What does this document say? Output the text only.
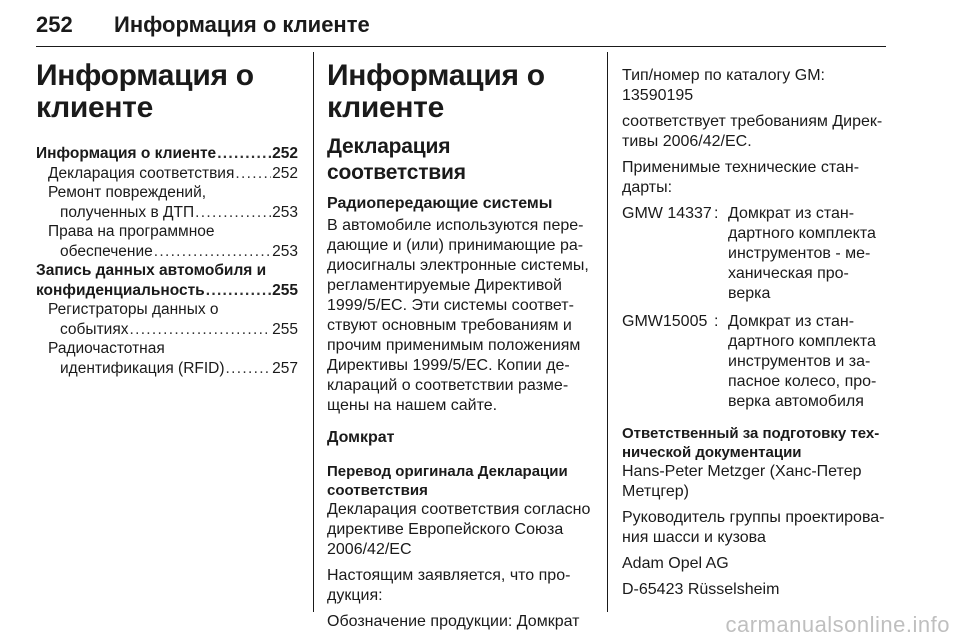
252 Информация о клиенте
Информация о клиенте
Информация о клиенте . . .	252
Декларация соответствия . . . 252
Ремонт повреждений,
полученных в ДТП . . .	253
Права на программное
обеспечение . . .	253
Запись данных автомобиля и
конфиденциальность . . .	255
Регистраторы данных о
событиях . . .	255
Радиочастотная
идентификация (RFID) . . .	257
Информация о клиенте
Декларация соответствия
Радиопередающие системы
В автомобиле используются пере-дающие и (или) принимающие ра-диосигналы электронные системы, регламентируемые Директивой 1999/5/ЕС. Эти системы соответ-ствуют основным требованиям и прочим применимым положениям Директивы 1999/5/ЕС. Копии де-клараций о соответствии разме-щены на нашем сайте.
Домкрат
Перевод оригинала Декларации соответствия
Декларация соответствия согласно директиве Европейского Союза 2006/42/EC
Настоящим заявляется, что про-дукция:
Обозначение продукции: Домкрат
Тип/номер по каталогу GM: 13590195
соответствует требованиям Дирек-тивы 2006/42/EC.
Применимые технические стан-дарты:
GMW 14337 : Домкрат из стан-дартного комплекта инструментов - ме-ханическая про-верка
GMW15005 : Домкрат из стан-дартного комплекта инструментов и за-пасное колесо, про-верка автомобиля
Ответственный за подготовку тех-нической документации
Hans-Peter Metzger (Ханс-Петер Метцгер)
Руководитель группы проектирова-ния шасси и кузова
Adam Opel AG
D-65423 Rüsselsheim
carmanualsonline.info
